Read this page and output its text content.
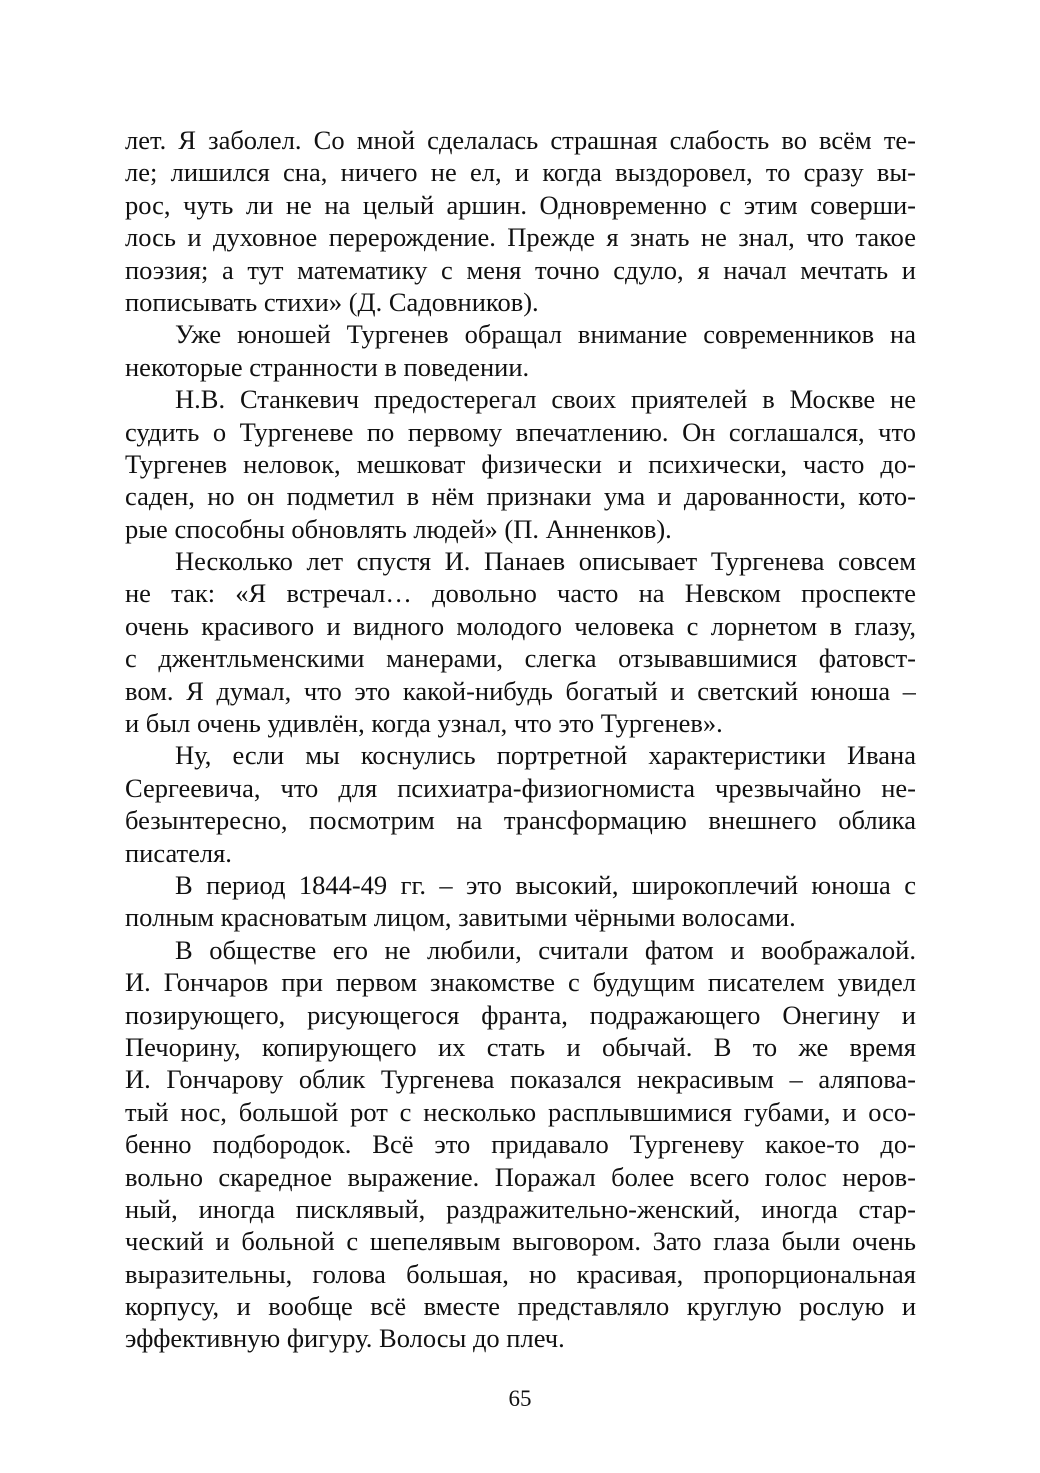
лет. Я заболел. Со мной сделалась страшная слабость во всём те-
ле; лишился сна, ничего не ел, и когда выздоровел, то сразу вы-
рос, чуть ли не на целый аршин. Одновременно с этим соверши-
лось и духовное перерождение. Прежде я знать не знал, что такое
поэзия; а тут математику с меня точно сдуло, я начал мечтать и
пописывать стихи» (Д. Садовников).
Уже юношей Тургенев обращал внимание современников на
некоторые странности в поведении.
Н.В. Станкевич предостерегал своих приятелей в Москве не
судить о Тургеневе по первому впечатлению. Он соглашался, что
Тургенев неловок, мешковат физически и психически, часто до-
саден, но он подметил в нём признаки ума и дарованности, кото-
рые способны обновлять людей» (П. Анненков).
Несколько лет спустя И. Панаев описывает Тургенева совсем
не так: «Я встречал… довольно часто на Невском проспекте
очень красивого и видного молодого человека с лорнетом в глазу,
с джентльменскими манерами, слегка отзывавшимися фатовст-
вом. Я думал, что это какой-нибудь богатый и светский юноша –
и был очень удивлён, когда узнал, что это Тургенев».
Ну, если мы коснулись портретной характеристики Ивана
Сергеевича, что для психиатра-физиогномиста чрезвычайно не-
безынтересно, посмотрим на трансформацию внешнего облика
писателя.
В период 1844-49 гг. – это высокий, широкоплечий юноша с
полным красноватым лицом, завитыми чёрными волосами.
В обществе его не любили, считали фатом и воображалой.
И. Гончаров при первом знакомстве с будущим писателем увидел
позирующего, рисующегося франта, подражающего Онегину и
Печорину, копирующего их стать и обычай. В то же время
И. Гончарову облик Тургенева показался некрасивым – аляпова-
тый нос, большой рот с несколько расплывшимися губами, и осо-
бенно подбородок. Всё это придавало Тургеневу какое-то до-
вольно скаредное выражение. Поражал более всего голос неров-
ный, иногда писклявый, раздражительно-женский, иногда стар-
ческий и больной с шепелявым выговором. Зато глаза были очень
выразительны, голова большая, но красивая, пропорциональная
корпусу, и вообще всё вместе представляло круглую рослую и
эффективную фигуру. Волосы до плеч.
65
